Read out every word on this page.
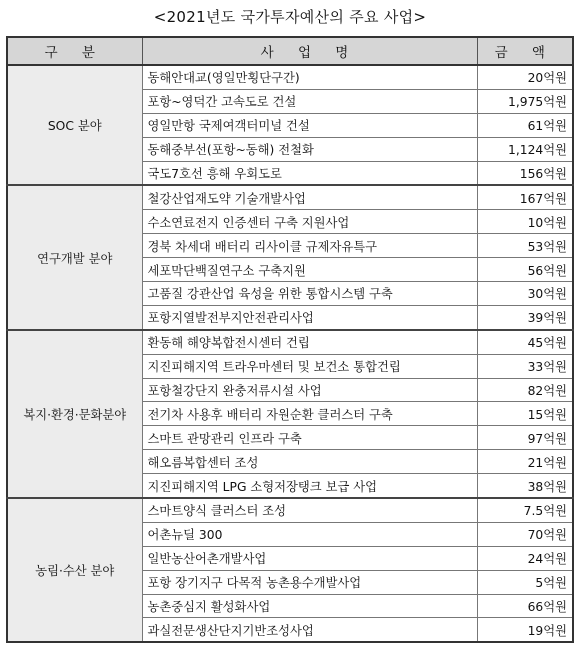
<2021년도 국가투자예산의 주요 사업>
구 분	사 업 명	금 액
SOC 분야	동해안대교(영일만횡단구간)	20억원
	포항~영덕간 고속도로 건설	1,975억원
	영일만항 국제여객터미널 건설	61억원
	동해중부선(포항~동해) 전철화	1,124억원
	국도7호선 흥해 우회도로	156억원
연구개발 분야	철강산업재도약 기술개발사업	167억원
	수소연료전지 인증센터 구축 지원사업	10억원
	경북 차세대 배터리 리사이클 규제자유특구	53억원
	세포막단백질연구소 구축지원	56억원
	고품질 강관산업 육성을 위한 통합시스템 구축	30억원
	포항지열발전부지안전관리사업	39억원
복지·환경·문화분야	환동해 해양복합전시센터 건립	45억원
	지진피해지역 트라우마센터 및 보건소 통합건립	33억원
	포항철강단지 완충저류시설 사업	82억원
	전기차 사용후 배터리 자원순환 클러스터 구축	15억원
	스마트 관망관리 인프라 구축	97억원
	해오름복합센터 조성	21억원
	지진피해지역 LPG 소형저장탱크 보급 사업	38억원
농림·수산 분야	스마트양식 클러스터 조성	7.5억원
	어촌뉴딜 300	70억원
	일반농산어촌개발사업	24억원
	포항 장기지구 다목적 농촌용수개발사업	5억원
	농촌중심지 활성화사업	66억원
	과실전문생산단지기반조성사업	19억원
